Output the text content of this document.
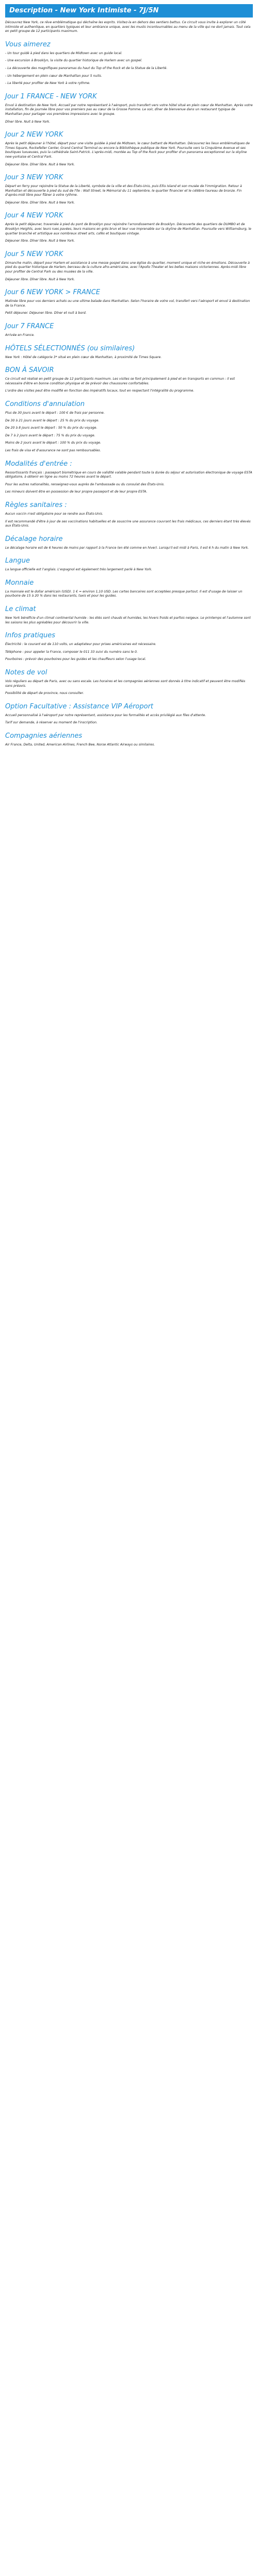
Description - New York Intimiste - 7J/5N

Découvrez New York, ce rêve emblématique qui déchaîne les esprits. Visitez-la en dehors des sentiers battus. Ce circuit vous invite à explorer un côté intimiste et authentique, en quartiers typiques et leur ambiance unique, avec les musts incontournables au menu de la ville qui ne dort jamais. Tout cela en petit groupe de 12 participants maximum.

Vous aimerez

- Un tour guidé à pied dans les quartiers de Midtown avec un guide local.

- Une excursion à Brooklyn, la visite du quartier historique de Harlem avec un gospel.

- La découverte des magnifiques panoramas du haut du Top of the Rock et de la Statue de la Liberté.

- Un hébergement en plein cœur de Manhattan pour 5 nuits.

- La liberté pour profiter de New York à votre rythme.

Jour 1 FRANCE - NEW YORK

Envol à destination de New York. Accueil par notre représentant à l'aéroport, puis transfert vers votre hôtel situé en plein cœur de Manhattan. Après votre installation, fin de journée libre pour vos premiers pas au cœur de la Grosse Pomme. Le soir, dîner de bienvenue dans un restaurant typique de Manhattan pour partager vos premières impressions avec le groupe.

Dîner libre. Nuit à New York.

Jour 2 NEW YORK

Après le petit déjeuner à l'hôtel, départ pour une visite guidée à pied de Midtown, le cœur battant de Manhattan. Découvrez les lieux emblématiques de Times Square, Rockefeller Center, Grand Central Terminal ou encore la Bibliothèque publique de New York. Poursuite vers la Cinquième Avenue et ses boutiques luxueuses, puis la cathédrale Saint-Patrick. L'après-midi, montée au Top of the Rock pour profiter d'un panorama exceptionnel sur la skyline new-yorkaise et Central Park.

Déjeuner libre. Dîner libre. Nuit à New York.

Jour 3 NEW YORK

Départ en ferry pour rejoindre la Statue de la Liberté, symbole de la ville et des États-Unis, puis Ellis Island et son musée de l'immigration. Retour à Manhattan et découverte à pied du sud de l'île : Wall Street, le Mémorial du 11 septembre, le quartier financier et le célèbre taureau de bronze. Fin d'après-midi libre pour flâner à votre rythme.

Déjeuner libre. Dîner libre. Nuit à New York.

Jour 4 NEW YORK

Après le petit déjeuner, traversée à pied du pont de Brooklyn pour rejoindre l'arrondissement de Brooklyn. Découverte des quartiers de DUMBO et de Brooklyn Heights, avec leurs rues pavées, leurs maisons en grès brun et leur vue imprenable sur la skyline de Manhattan. Poursuite vers Williamsburg, le quartier branché et artistique aux nombreux street arts, cafés et boutiques vintage.

Déjeuner libre. Dîner libre. Nuit à New York.

Jour 5 NEW YORK

Dimanche matin, départ pour Harlem et assistance à une messe gospel dans une église du quartier, moment unique et riche en émotions. Découverte à pied du quartier historique de Harlem, berceau de la culture afro-américaine, avec l'Apollo Theater et les belles maisons victoriennes. Après-midi libre pour profiter de Central Park ou des musées de la ville.

Déjeuner libre. Dîner libre. Nuit à New York.

Jour 6 NEW YORK > FRANCE

Matinée libre pour vos derniers achats ou une ultime balade dans Manhattan. Selon l'horaire de votre vol, transfert vers l'aéroport et envol à destination de la France.

Petit déjeuner. Déjeuner libre. Dîner et nuit à bord.

Jour 7 FRANCE

Arrivée en France.

HÔTELS SÉLECTIONNÉS (ou similaires)

New York : Hôtel de catégorie 3* situé en plein cœur de Manhattan, à proximité de Times Square.

BON À SAVOIR

Ce circuit est réalisé en petit groupe de 12 participants maximum. Les visites se font principalement à pied et en transports en commun : il est nécessaire d'être en bonne condition physique et de prévoir des chaussures confortables.

L'ordre des visites peut être modifié en fonction des impératifs locaux, tout en respectant l'intégralité du programme.

Conditions d'annulation

Plus de 30 jours avant le départ : 100 € de frais par personne.

De 30 à 21 jours avant le départ : 25 % du prix du voyage.

De 20 à 8 jours avant le départ : 50 % du prix du voyage.

De 7 à 2 jours avant le départ : 75 % du prix du voyage.

Moins de 2 jours avant le départ : 100 % du prix du voyage.

Les frais de visa et d'assurance ne sont pas remboursables.

Modalités d'entrée :

Ressortissants français : passeport biométrique en cours de validité valable pendant toute la durée du séjour et autorisation électronique de voyage ESTA obligatoire, à obtenir en ligne au moins 72 heures avant le départ.

Pour les autres nationalités, renseignez-vous auprès de l'ambassade ou du consulat des États-Unis.

Les mineurs doivent être en possession de leur propre passeport et de leur propre ESTA.

Règles sanitaires :

Aucun vaccin n'est obligatoire pour se rendre aux États-Unis.

Il est recommandé d'être à jour de ses vaccinations habituelles et de souscrire une assurance couvrant les frais médicaux, ces derniers étant très élevés aux États-Unis.

Décalage horaire

Le décalage horaire est de 6 heures de moins par rapport à la France (en été comme en hiver). Lorsqu'il est midi à Paris, il est 6 h du matin à New York.

Langue

La langue officielle est l'anglais. L'espagnol est également très largement parlé à New York.

Monnaie

La monnaie est le dollar américain (USD). 1 € = environ 1,10 USD. Les cartes bancaires sont acceptées presque partout. Il est d'usage de laisser un pourboire de 15 à 20 % dans les restaurants, taxis et pour les guides.

Le climat

New York bénéficie d'un climat continental humide : les étés sont chauds et humides, les hivers froids et parfois neigeux. Le printemps et l'automne sont les saisons les plus agréables pour découvrir la ville.

Infos pratiques

Électricité : le courant est de 110 volts, un adaptateur pour prises américaines est nécessaire.

Téléphone : pour appeler la France, composer le 011 33 suivi du numéro sans le 0.

Pourboires : prévoir des pourboires pour les guides et les chauffeurs selon l'usage local.

Notes de vol

Vols réguliers au départ de Paris, avec ou sans escale. Les horaires et les compagnies aériennes sont donnés à titre indicatif et peuvent être modifiés sans préavis.

Possibilité de départ de province, nous consulter.

Option Facultative : Assistance VIP Aéroport

Accueil personnalisé à l'aéroport par notre représentant, assistance pour les formalités et accès privilégié aux files d'attente.

Tarif sur demande, à réserver au moment de l'inscription.

Compagnies aériennes

Air France, Delta, United, American Airlines, French Bee, Norse Atlantic Airways ou similaires.
